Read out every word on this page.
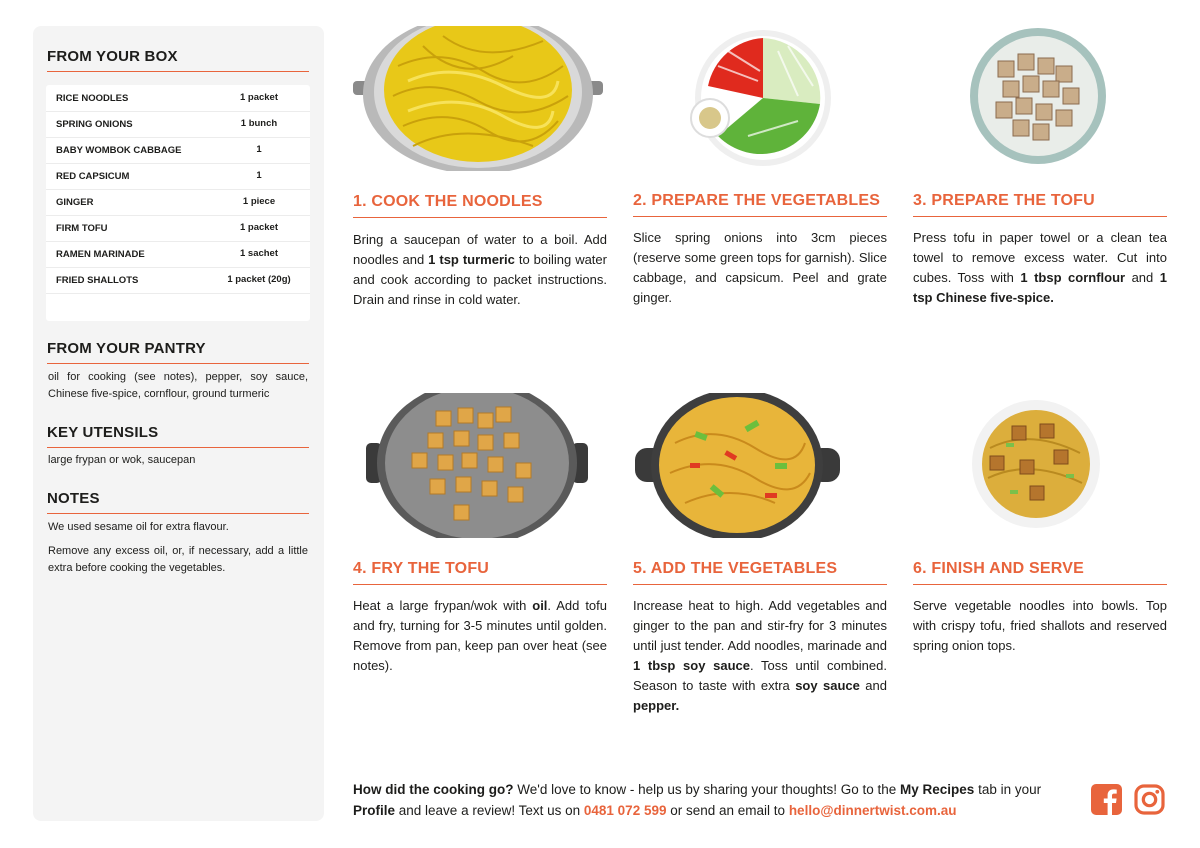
FROM YOUR BOX
RICE NOODLES	1 packet
SPRING ONIONS	1 bunch
BABY WOMBOK CABBAGE	1
RED CAPSICUM	1
GINGER	1 piece
FIRM TOFU	1 packet
RAMEN MARINADE	1 sachet
FRIED SHALLOTS	1 packet (20g)
FROM YOUR PANTRY
oil for cooking (see notes), pepper, soy sauce, Chinese five-spice, cornflour, ground turmeric
KEY UTENSILS
large frypan or wok, saucepan
NOTES
We used sesame oil for extra flavour.
Remove any excess oil, or, if necessary, add a little extra before cooking the vegetables.
1. COOK THE NOODLES
Bring a saucepan of water to a boil. Add noodles and 1 tsp turmeric to boiling water and cook according to packet instructions. Drain and rinse in cold water.
2. PREPARE THE VEGETABLES
Slice spring onions into 3cm pieces (reserve some green tops for garnish). Slice cabbage, and capsicum. Peel and grate ginger.
3. PREPARE THE TOFU
Press tofu in paper towel or a clean tea towel to remove excess water. Cut into cubes. Toss with 1 tbsp cornflour and 1 tsp Chinese five-spice.
4. FRY THE TOFU
Heat a large frypan/wok with oil. Add tofu and fry, turning for 3-5 minutes until golden. Remove from pan, keep pan over heat (see notes).
5. ADD THE VEGETABLES
Increase heat to high. Add vegetables and ginger to the pan and stir-fry for 3 minutes until just tender. Add noodles, marinade and 1 tbsp soy sauce. Toss until combined. Season to taste with extra soy sauce and pepper.
6. FINISH AND SERVE
Serve vegetable noodles into bowls. Top with crispy tofu, fried shallots and reserved spring onion tops.
How did the cooking go? We'd love to know - help us by sharing your thoughts! Go to the My Recipes tab in your Profile and leave a review! Text us on 0481 072 599 or send an email to hello@dinnertwist.com.au
